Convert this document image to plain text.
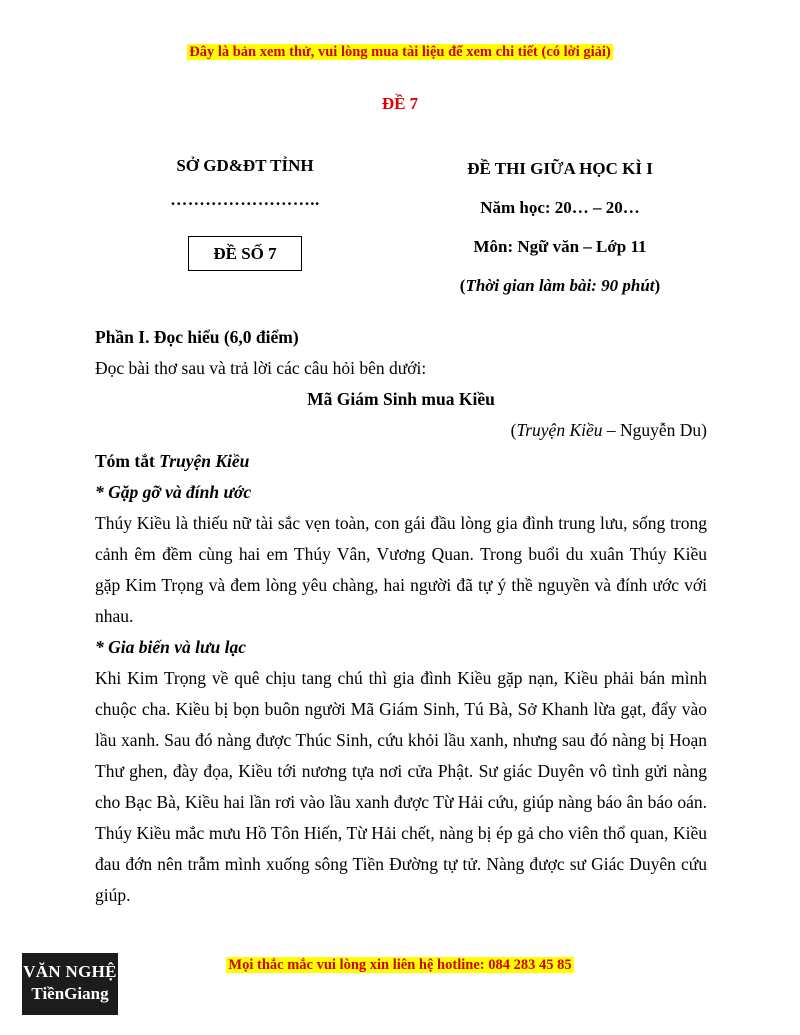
Đây là bản xem thử, vui lòng mua tài liệu để xem chi tiết (có lời giải)
ĐỀ 7
SỞ GD&ĐT TỈNH
……………………..
ĐỀ SỐ 7
ĐỀ THI GIỮA HỌC KÌ I
Năm học: 20… – 20…
Môn: Ngữ văn – Lớp 11
(Thời gian làm bài: 90 phút)

Phần I. Đọc hiểu (6,0 điểm)

Đọc bài thơ sau và trả lời các câu hỏi bên dưới:

Mã Giám Sinh mua Kiều

(Truyện Kiều – Nguyễn Du)

Tóm tắt Truyện Kiều

* Gặp gỡ và đính ước

Thúy Kiều là thiếu nữ tài sắc vẹn toàn, con gái đầu lòng gia đình trung lưu, sống trong cảnh êm đềm cùng hai em Thúy Vân, Vương Quan. Trong buổi du xuân Thúy Kiều gặp Kim Trọng và đem lòng yêu chàng, hai người đã tự ý thề nguyền và đính ước với nhau.

* Gia biến và lưu lạc

Khi Kim Trọng về quê chịu tang chú thì gia đình Kiều gặp nạn, Kiều phải bán mình chuộc cha. Kiều bị bọn buôn người Mã Giám Sinh, Tú Bà, Sở Khanh lừa gạt, đẩy vào lầu xanh. Sau đó nàng được Thúc Sinh, cứu khỏi lầu xanh, nhưng sau đó nàng bị Hoạn Thư ghen, đày đọa, Kiều tới nương tựa nơi cửa Phật. Sư giác Duyên vô tình gửi nàng cho Bạc Bà, Kiều hai lần rơi vào lầu xanh được Từ Hải cứu, giúp nàng báo ân báo oán. Thúy Kiều mắc mưu Hồ Tôn Hiến, Từ Hải chết, nàng bị ép gả cho viên thổ quan, Kiều đau đớn nên trẫm mình xuống sông Tiền Đường tự tử. Nàng được sư Giác Duyên cứu giúp.

VĂN NGHỆ
TiềnGiang
Mọi thắc mắc vui lòng xin liên hệ hotline: 084 283 45 85
